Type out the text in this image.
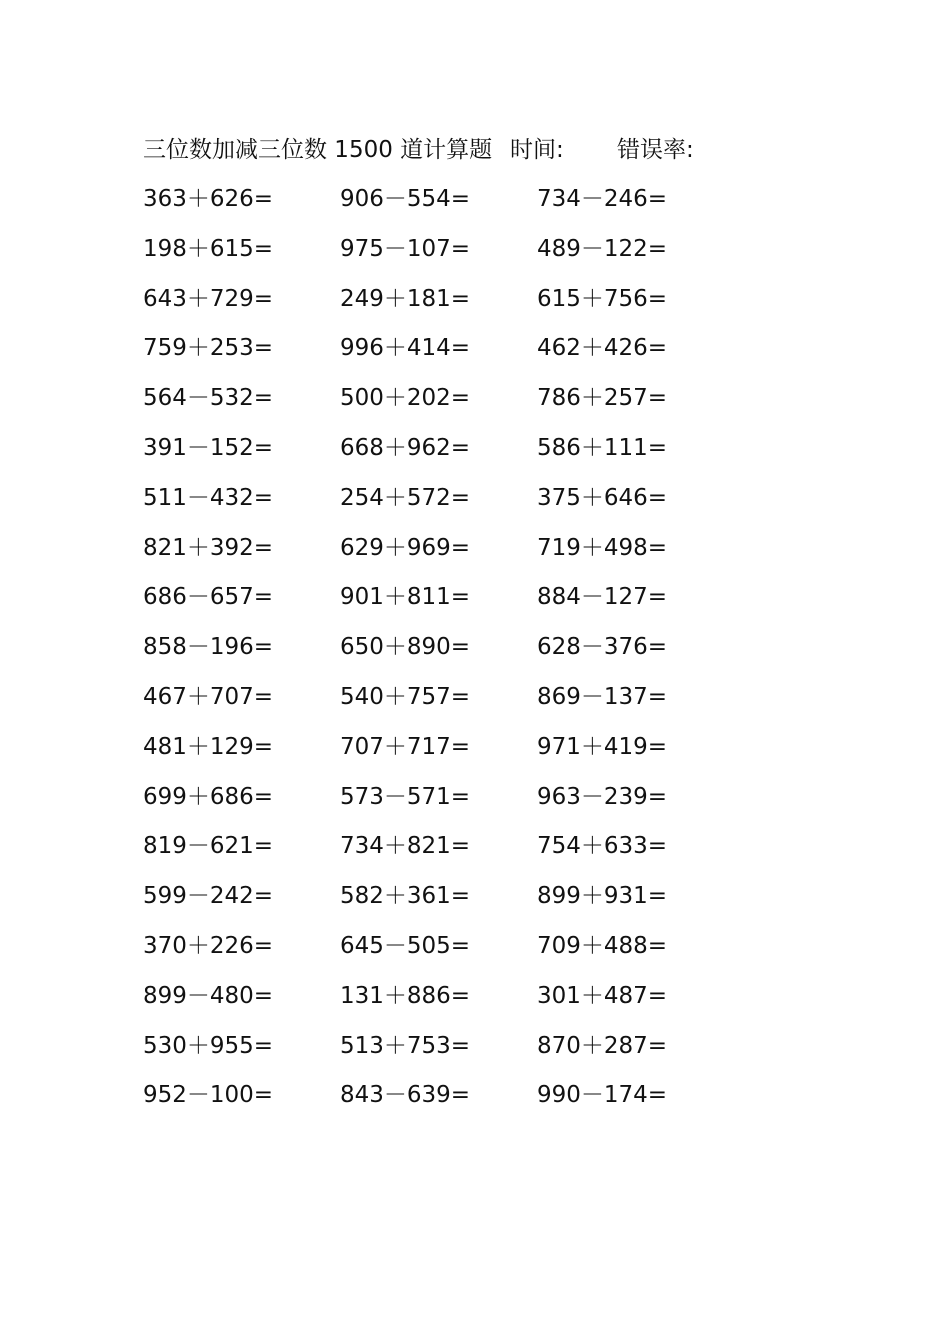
三位数加减三位数 1500 道计算题 时间: 错误率:
363＋626=	906－554=	734－246=
198＋615=	975－107=	489－122=
643＋729=	249＋181=	615＋756=
759＋253=	996＋414=	462＋426=
564－532=	500＋202=	786＋257=
391－152=	668＋962=	586＋111=
511－432=	254＋572=	375＋646=
821＋392=	629＋969=	719＋498=
686－657=	901＋811=	884－127=
858－196=	650＋890=	628－376=
467＋707=	540＋757=	869－137=
481＋129=	707＋717=	971＋419=
699＋686=	573－571=	963－239=
819－621=	734＋821=	754＋633=
599－242=	582＋361=	899＋931=
370＋226=	645－505=	709＋488=
899－480=	131＋886=	301＋487=
530＋955=	513＋753=	870＋287=
952－100=	843－639=	990－174=
